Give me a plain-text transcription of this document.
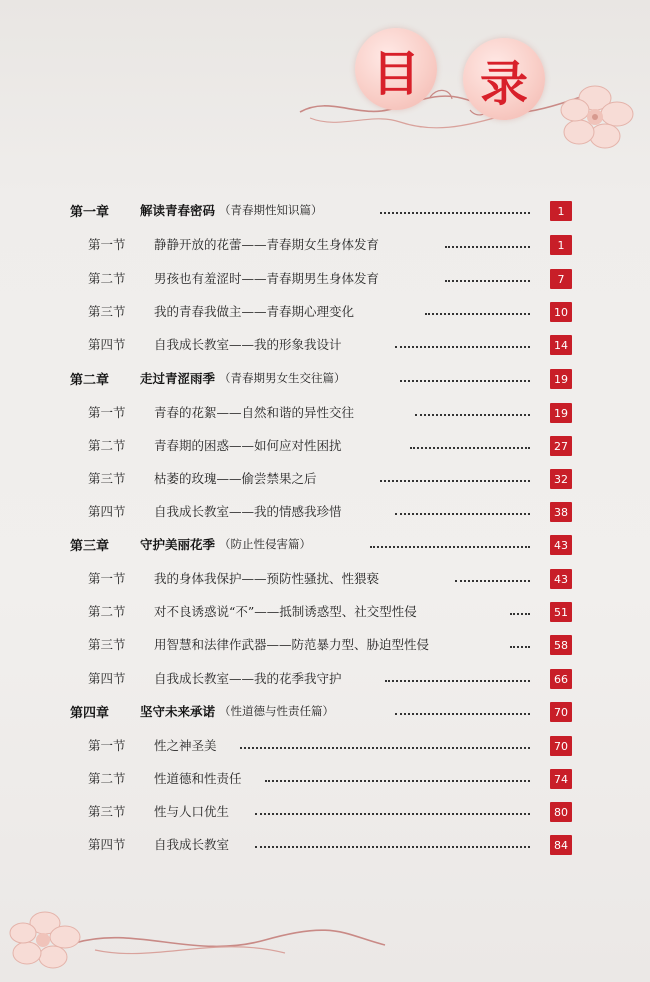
目 录
第一章	解读青春密码 （青春期性知识篇）	1
第一节	静静开放的花蕾——青春期女生身体发育	1
第二节	男孩也有羞涩时——青春期男生身体发育	7
第三节	我的青春我做主——青春期心理变化	10
第四节	自我成长教室——我的形象我设计	14
第二章	走过青涩雨季 （青春期男女生交往篇）	19
第一节	青春的花絮——自然和谐的异性交往	19
第二节	青春期的困惑——如何应对性困扰	27
第三节	枯萎的玫瑰——偷尝禁果之后	32
第四节	自我成长教室——我的情感我珍惜	38
第三章	守护美丽花季 （防止性侵害篇）	43
第一节	我的身体我保护——预防性骚扰、性猥亵	43
第二节	对不良诱惑说“不”——抵制诱惑型、社交型性侵	51
第三节	用智慧和法律作武器——防范暴力型、胁迫型性侵	58
第四节	自我成长教室——我的花季我守护	66
第四章	坚守未来承诺 （性道德与性责任篇）	70
第一节	性之神圣美	70
第二节	性道德和性责任	74
第三节	性与人口优生	80
第四节	自我成长教室	84
